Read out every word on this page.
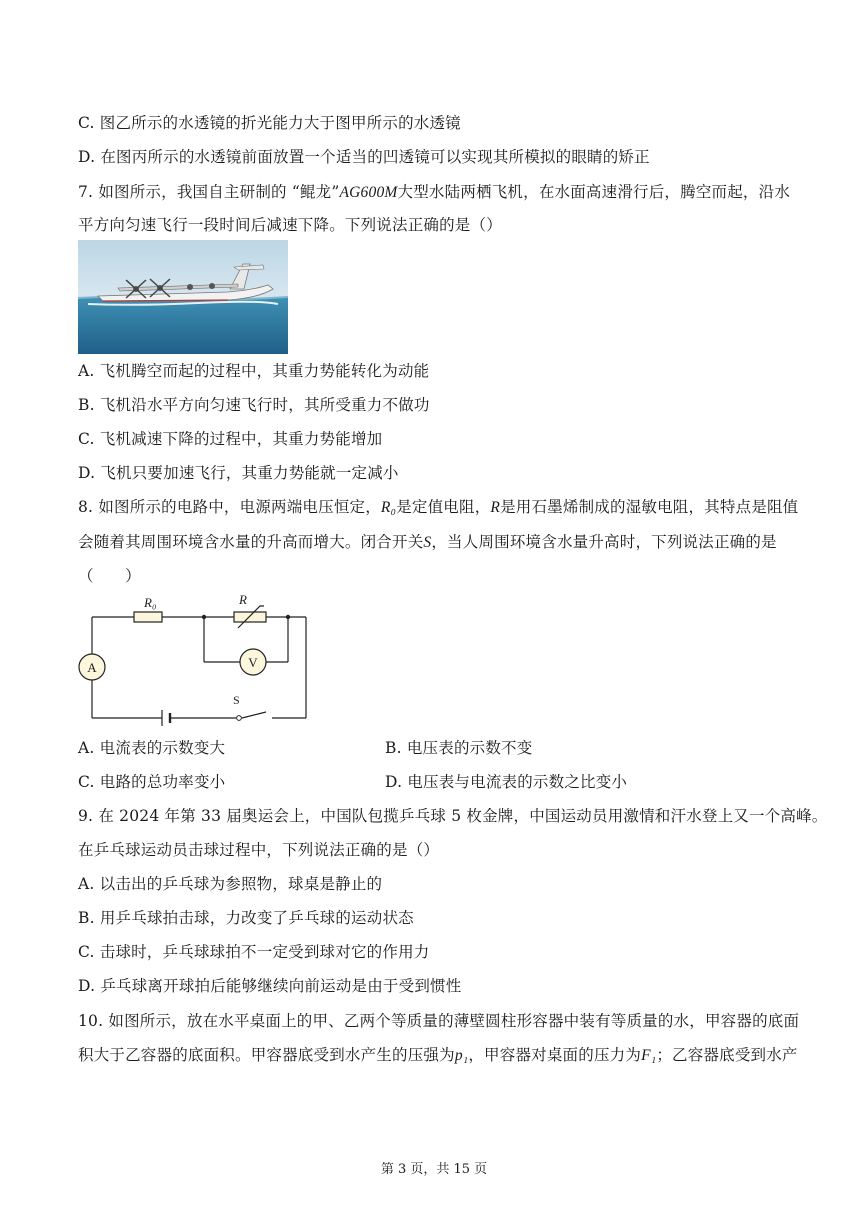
C. 图乙所示的水透镜的折光能力大于图甲所示的水透镜
D. 在图丙所示的水透镜前面放置一个适当的凹透镜可以实现其所模拟的眼睛的矫正
7. 如图所示，我国自主研制的 “鲲龙”AG600M大型水陆两栖飞机，在水面高速滑行后，腾空而起，沿水
平方向匀速飞行一段时间后减速下降。下列说法正确的是（）
A. 飞机腾空而起的过程中，其重力势能转化为动能
B. 飞机沿水平方向匀速飞行时，其所受重力不做功
C. 飞机减速下降的过程中，其重力势能增加
D. 飞机只要加速飞行，其重力势能就一定减小
8. 如图所示的电路中，电源两端电压恒定，R₀是定值电阻，R是用石墨烯制成的湿敏电阻，其特点是阻值
会随着其周围环境含水量的升高而增大。闭合开关S，当人周围环境含水量升高时，下列说法正确的是
（　　）
A	V
R₀	R
S
A. 电流表的示数变大	B. 电压表的示数不变
C. 电路的总功率变小	D. 电压表与电流表的示数之比变小
9. 在 2024 年第 33 届奥运会上，中国队包揽乒乓球 5 枚金牌，中国运动员用激情和汗水登上又一个高峰。
在乒乓球运动员击球过程中，下列说法正确的是（）
A. 以击出的乒乓球为参照物，球桌是静止的
B. 用乒乓球拍击球，力改变了乒乓球的运动状态
C. 击球时，乒乓球球拍不一定受到球对它的作用力
D. 乒乓球离开球拍后能够继续向前运动是由于受到惯性
10. 如图所示，放在水平桌面上的甲、乙两个等质量的薄壁圆柱形容器中装有等质量的水，甲容器的底面
积大于乙容器的底面积。甲容器底受到水产生的压强为p₁，甲容器对桌面的压力为F₁；乙容器底受到水产
第 3 页，共 15 页
